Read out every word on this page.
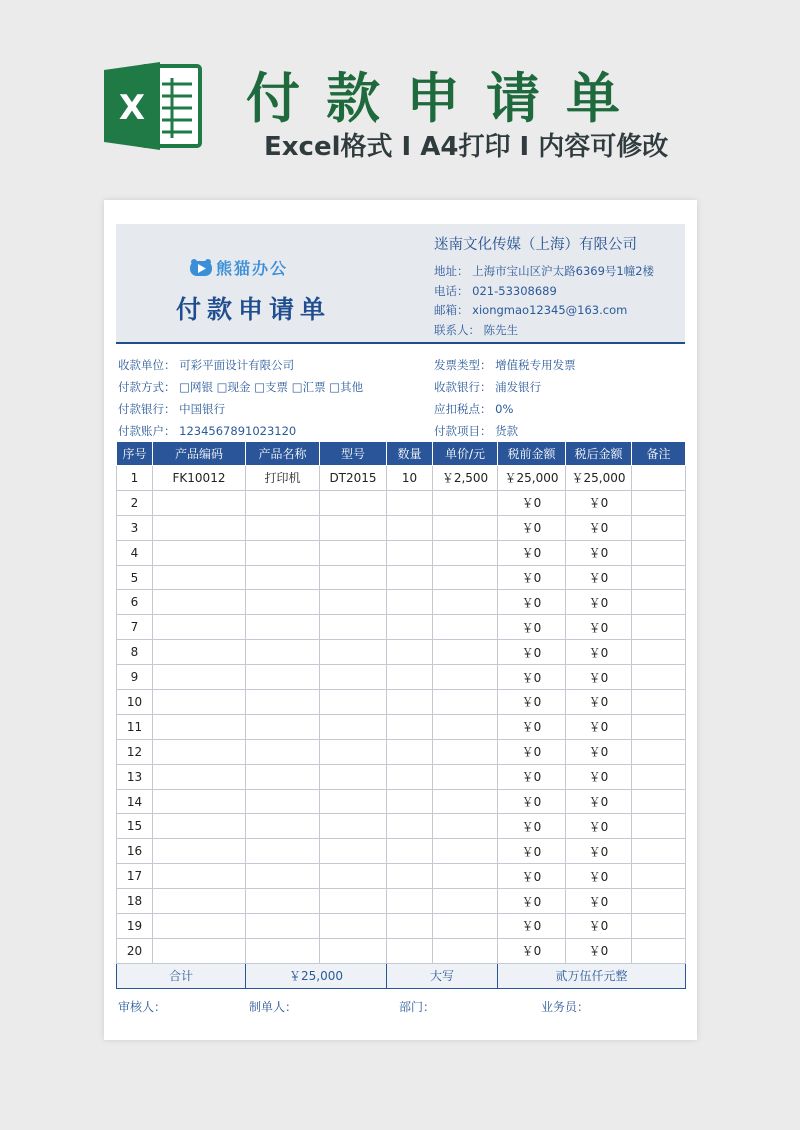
X 付款申请单
Excel格式 I A4打印 I 内容可修改
熊猫办公
付款申请单
迷南文化传媒（上海）有限公司
地址： 上海市宝山区沪太路6369号1幢2楼
电话： 021-53308689
邮箱： xiongmao12345@163.com
联系人： 陈先生
收款单位： 可彩平面设计有限公司
付款方式： □网银 □现金 □支票 □汇票 □其他
付款银行： 中国银行
付款账户： 1234567891023120
发票类型： 增值税专用发票
收款银行： 浦发银行
应扣税点： 0%
付款项目： 货款
序号	产品编码	产品名称	型号	数量	单价/元	税前金额	税后金额	备注
1	FK10012	打印机	DT2015	10	￥2,500	￥25,000	￥25,000	
2						￥0	￥0	
3						￥0	￥0	
4						￥0	￥0	
5						￥0	￥0	
6						￥0	￥0	
7						￥0	￥0	
8						￥0	￥0	
9						￥0	￥0	
10						￥0	￥0	
11						￥0	￥0	
12						￥0	￥0	
13						￥0	￥0	
14						￥0	￥0	
15						￥0	￥0	
16						￥0	￥0	
17						￥0	￥0	
18						￥0	￥0	
19						￥0	￥0	
20						￥0	￥0	
合计		￥25,000		大写		贰万伍仟元整		
审核人：	制单人：	部门：	业务员：
